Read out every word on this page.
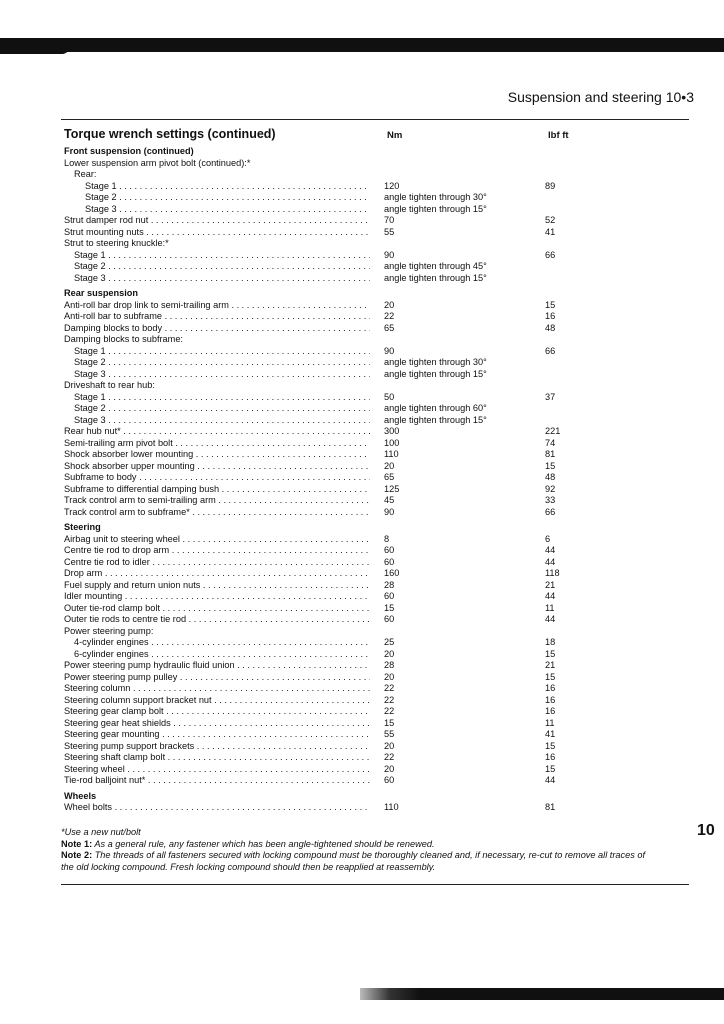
Suspension and steering 10•3
Torque wrench settings (continued)	Nm	lbf ft
Front suspension (continued)
Lower suspension arm pivot bolt (continued):*
Rear:
Stage 1 . . .	120	89
Stage 2 . . .	angle tighten through 30°
Stage 3 . . .	angle tighten through 15°
Strut damper rod nut . . .	70	52
Strut mounting nuts . . .	55	41
Strut to steering knuckle:*
Stage 1 . . .	90	66
Stage 2 . . .	angle tighten through 45°
Stage 3 . . .	angle tighten through 15°
Rear suspension
Anti-roll bar drop link to semi-trailing arm . . .	20	15
Anti-roll bar to subframe . . .	22	16
Damping blocks to body . . .	65	48
Damping blocks to subframe:
Stage 1 . . .	90	66
Stage 2 . . .	angle tighten through 30°
Stage 3 . . .	angle tighten through 15°
Driveshaft to rear hub:
Stage 1 . . .	50	37
Stage 2 . . .	angle tighten through 60°
Stage 3 . . .	angle tighten through 15°
Rear hub nut* . . .	300	221
Semi-trailing arm pivot bolt . . .	100	74
Shock absorber lower mounting . . .	110	81
Shock absorber upper mounting . . .	20	15
Subframe to body . . .	65	48
Subframe to differential damping bush . . .	125	92
Track control arm to semi-trailing arm . . .	45	33
Track control arm to subframe* . . .	90	66
Steering
Airbag unit to steering wheel . . .	8	6
Centre tie rod to drop arm . . .	60	44
Centre tie rod to idler . . .	60	44
Drop arm . . .	160	118
Fuel supply and return union nuts . . .	28	21
Idler mounting . . .	60	44
Outer tie-rod clamp bolt . . .	15	11
Outer tie rods to centre tie rod . . .	60	44
Power steering pump:
4-cylinder engines . . .	25	18
6-cylinder engines . . .	20	15
Power steering pump hydraulic fluid union . . .	28	21
Power steering pump pulley . . .	20	15
Steering column . . .	22	16
Steering column support bracket nut . . .	22	16
Steering gear clamp bolt . . .	22	16
Steering gear heat shields . . .	15	11
Steering gear mounting . . .	55	41
Steering pump support brackets . . .	20	15
Steering shaft clamp bolt . . .	22	16
Steering wheel . . .	20	15
Tie-rod balljoint nut* . . .	60	44
Wheels
Wheel bolts . . .	110	81
*Use a new nut/bolt
Note 1: As a general rule, any fastener which has been angle-tightened should be renewed.
Note 2: The threads of all fasteners secured with locking compound must be thoroughly cleaned and, if necessary, re-cut to remove all traces of
the old locking compound. Fresh locking compound should then be reapplied at reassembly.
10
